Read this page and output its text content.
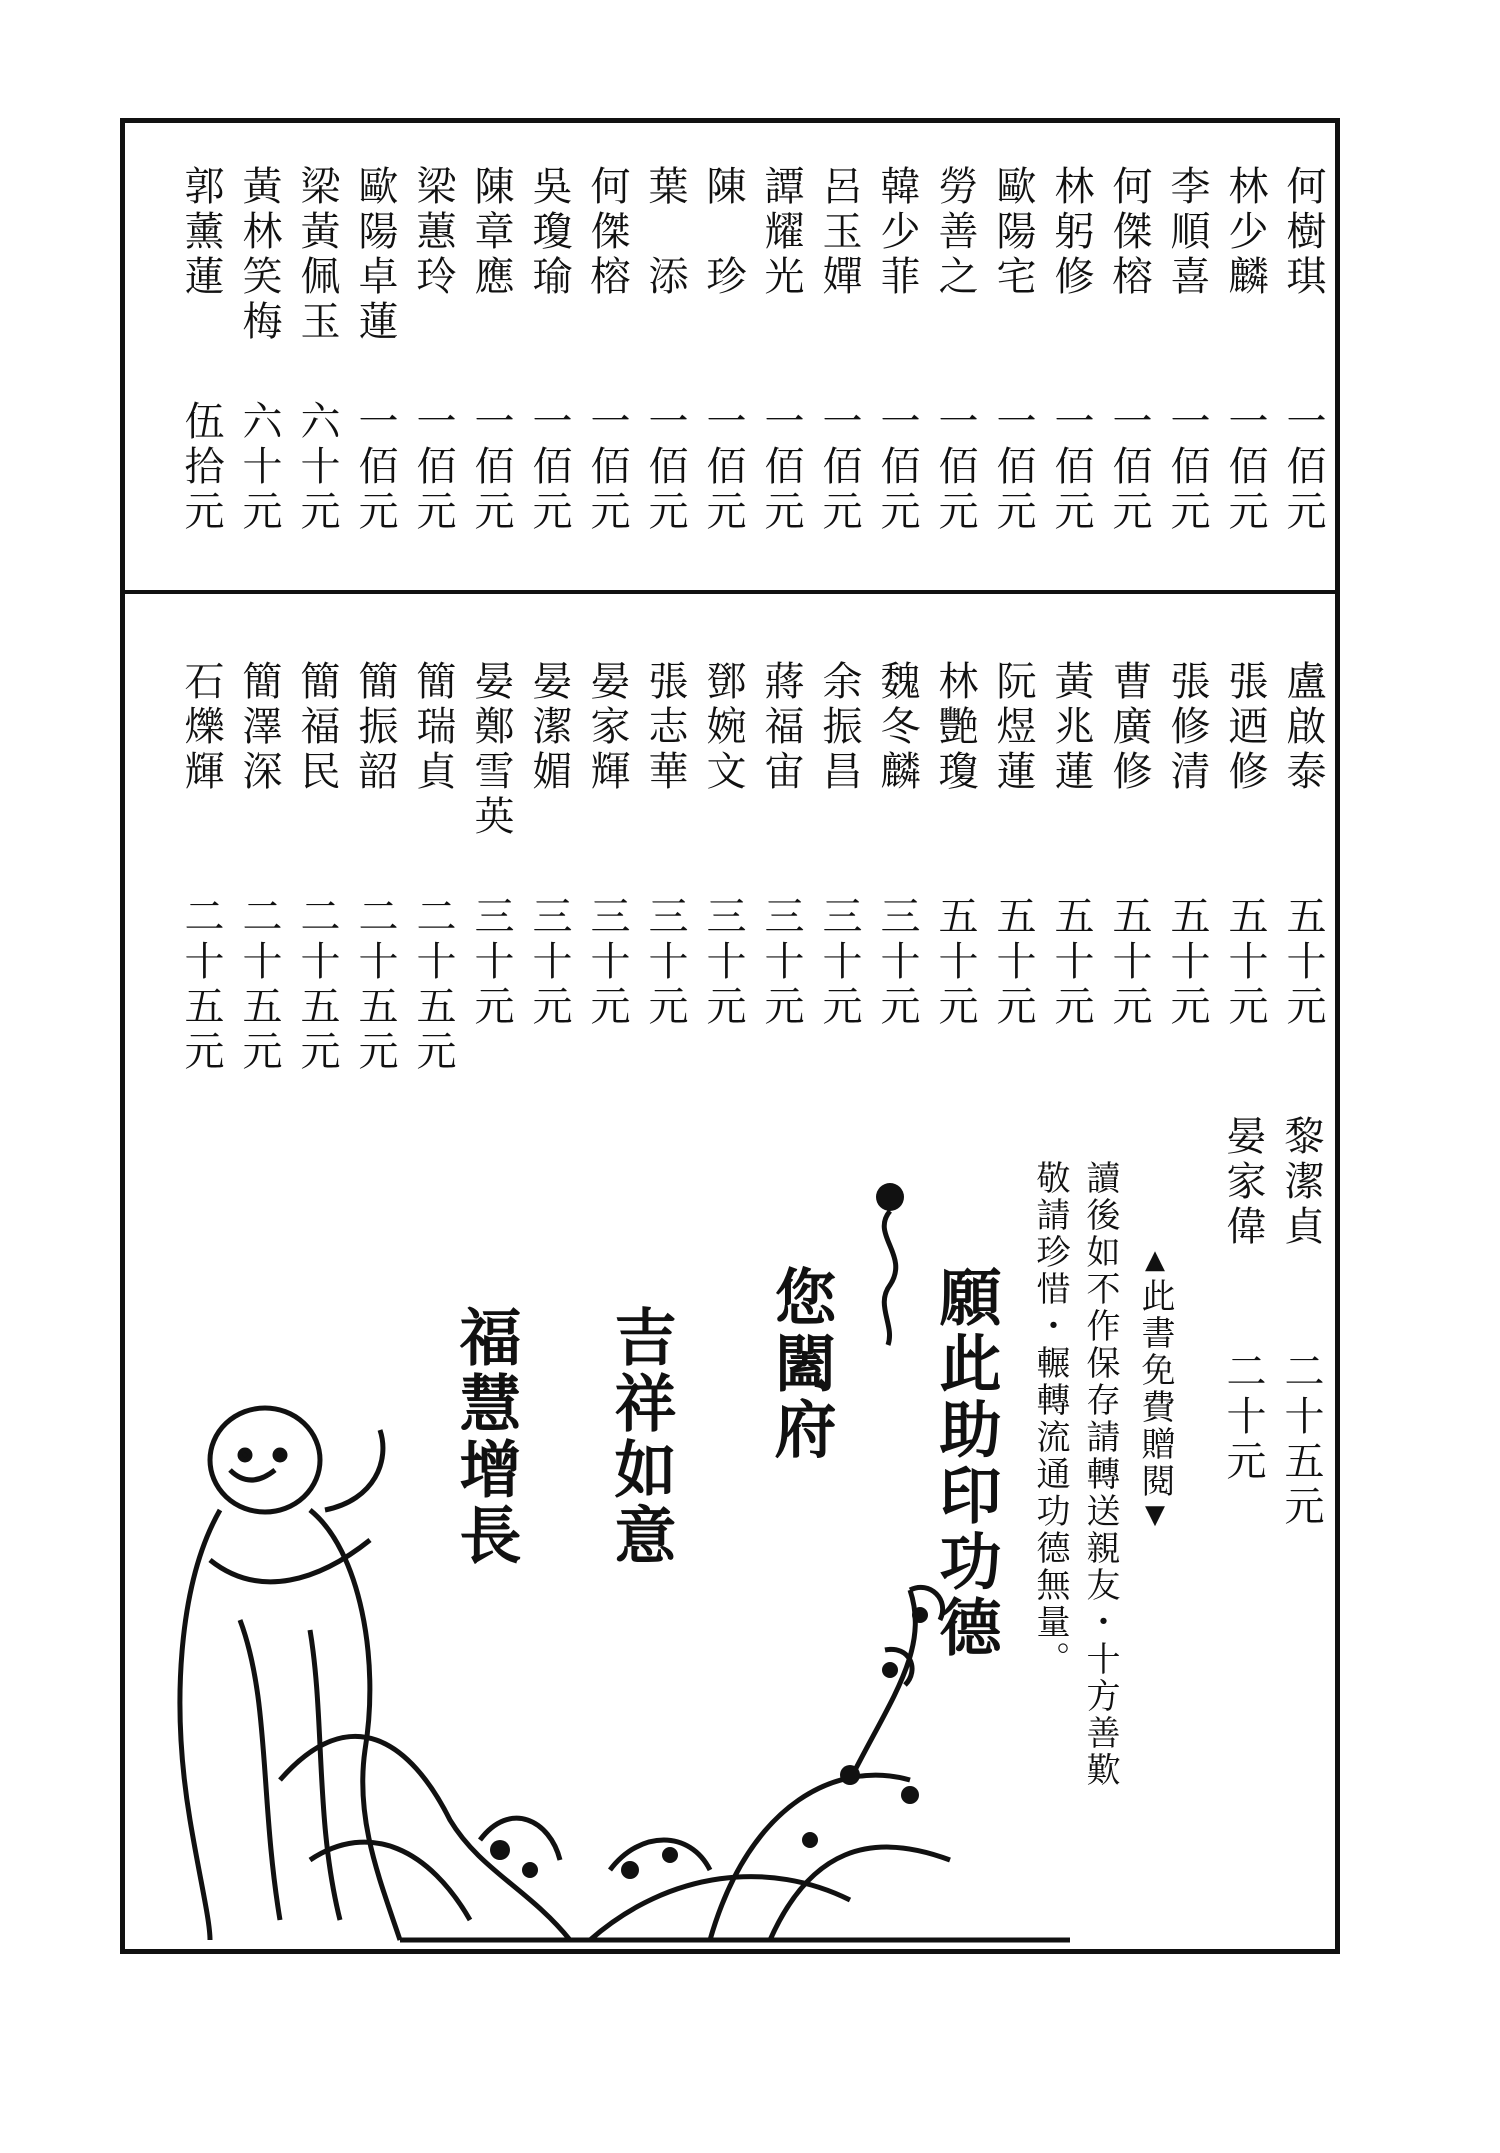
何樹琪
一佰元
林少麟
一佰元
李順喜
一佰元
何傑榕
一佰元
林躬修
一佰元
歐陽宅
一佰元
勞善之
一佰元
韓少菲
一佰元
呂玉嬋
一佰元
譚耀光
一佰元
陳　珍
一佰元
葉　添
一佰元
何傑榕
一佰元
吳瓊瑜
一佰元
陳章應
一佰元
梁蕙玲
一佰元
歐陽卓蓮
一佰元
梁黃佩玉
六十元
黃林笑梅
六十元
郭薰蓮
伍拾元
盧啟泰
五十元
張迺修
五十元
張修清
五十元
曹廣修
五十元
黃兆蓮
五十元
阮煜蓮
五十元
林艷瓊
五十元
魏冬麟
三十元
余振昌
三十元
蔣福宙
三十元
鄧婉文
三十元
張志華
三十元
晏家輝
三十元
晏潔媚
三十元
晏鄭雪英
三十元
簡瑞貞
二十五元
簡振韶
二十五元
簡福民
二十五元
簡澤深
二十五元
石爍輝
二十五元
黎潔貞
二十五元
晏家偉
二十元
▲此書免費贈閱▼
讀後如不作保存請轉送親友・十方善歎
敬請珍惜・輾轉流通功德無量。
願此助印功德
您闔府
吉祥如意
福慧增長
